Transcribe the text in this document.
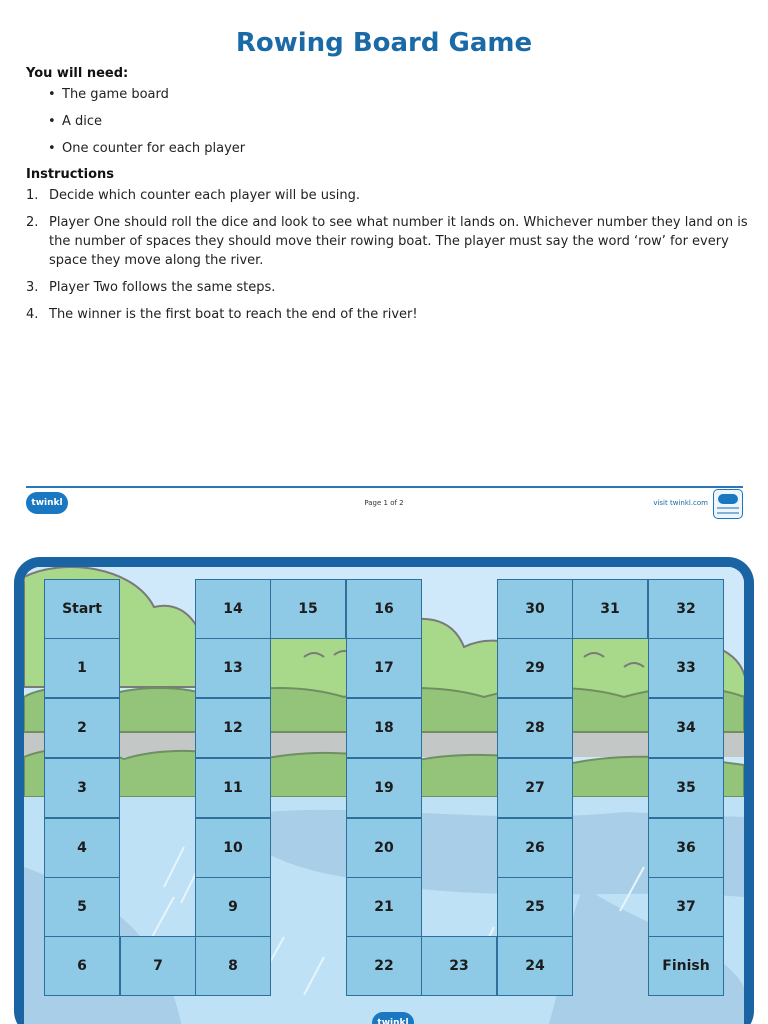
Rowing Board Game
You will need:
• The game board
• A dice
• One counter for each player
Instructions
1. Decide which counter each player will be using.
2. Player One should roll the dice and look to see what number it lands on. Whichever number they land on is the number of spaces they should move their rowing boat. The player must say the word ‘row’ for every space they move along the river.
3. Player Two follows the same steps.
4. The winner is the first boat to reach the end of the river!
twinkl	Page 1 of 2	visit twinkl.com
Start
1
2
3
4
5
6	7	8
9
10
11
12
13
14	15	16
17
18
19
20
21
22	23	24
25
26
27
28
29
30	31	32
33
34
35
36
37
Finish
twinkl
